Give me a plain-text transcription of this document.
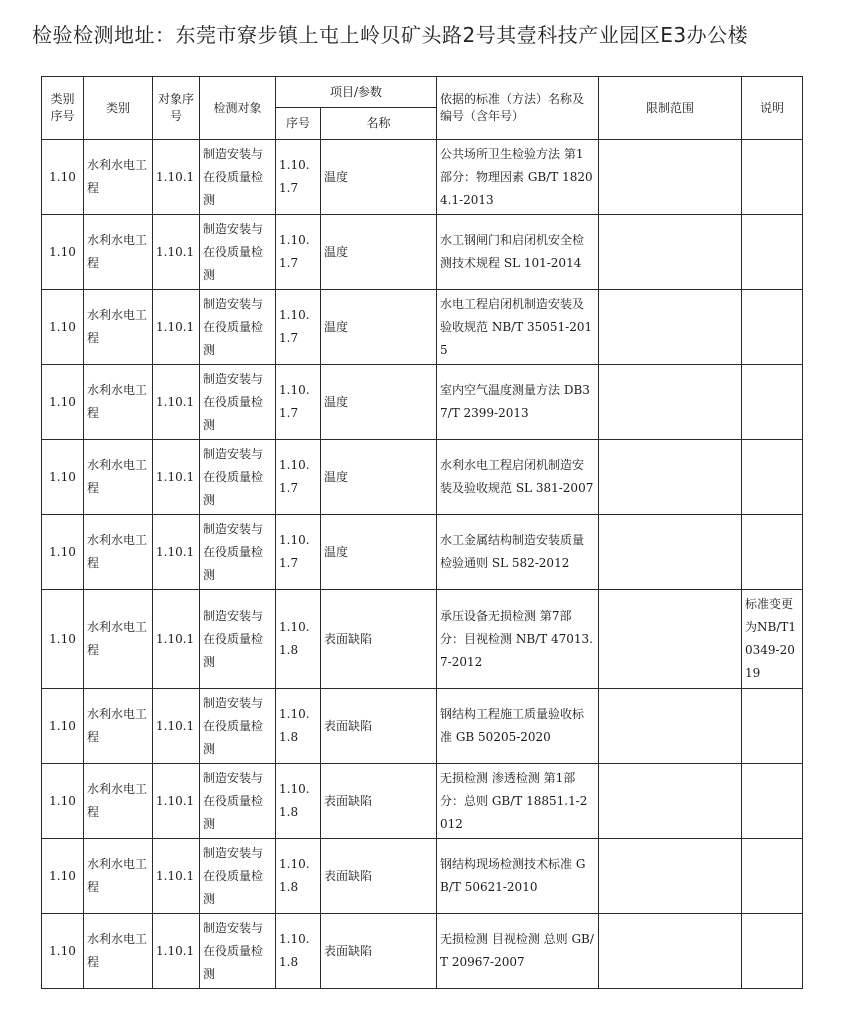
检验检测地址：东莞市寮步镇上屯上岭贝矿头路2号其壹科技产业园区E3办公楼
类别序号	类别	对象序号	检测对象	项目/参数		依据的标准（方法）名称及编号（含年号）	限制范围	说明
				序号	名称			
1.10	水利水电工程	1.10.1	制造安装与在役质量检测	1.10.1.7	温度	公共场所卫生检验方法 第1部分：物理因素 GB/T 18204.1-2013		
1.10	水利水电工程	1.10.1	制造安装与在役质量检测	1.10.1.7	温度	水工钢闸门和启闭机安全检测技术规程 SL 101-2014		
1.10	水利水电工程	1.10.1	制造安装与在役质量检测	1.10.1.7	温度	水电工程启闭机制造安装及验收规范 NB/T 35051-2015		
1.10	水利水电工程	1.10.1	制造安装与在役质量检测	1.10.1.7	温度	室内空气温度测量方法 DB37/T 2399-2013		
1.10	水利水电工程	1.10.1	制造安装与在役质量检测	1.10.1.7	温度	水利水电工程启闭机制造安装及验收规范 SL 381-2007		
1.10	水利水电工程	1.10.1	制造安装与在役质量检测	1.10.1.7	温度	水工金属结构制造安装质量检验通则 SL 582-2012		
1.10	水利水电工程	1.10.1	制造安装与在役质量检测	1.10.1.8	表面缺陷	承压设备无损检测 第7部分：目视检测 NB/T 47013.7-2012		标准变更为NB/T10349-2019
1.10	水利水电工程	1.10.1	制造安装与在役质量检测	1.10.1.8	表面缺陷	钢结构工程施工质量验收标准 GB 50205-2020		
1.10	水利水电工程	1.10.1	制造安装与在役质量检测	1.10.1.8	表面缺陷	无损检测 渗透检测 第1部分：总则 GB/T 18851.1-2012		
1.10	水利水电工程	1.10.1	制造安装与在役质量检测	1.10.1.8	表面缺陷	钢结构现场检测技术标准 GB/T 50621-2010		
1.10	水利水电工程	1.10.1	制造安装与在役质量检测	1.10.1.8	表面缺陷	无损检测 目视检测 总则 GB/T 20967-2007		
